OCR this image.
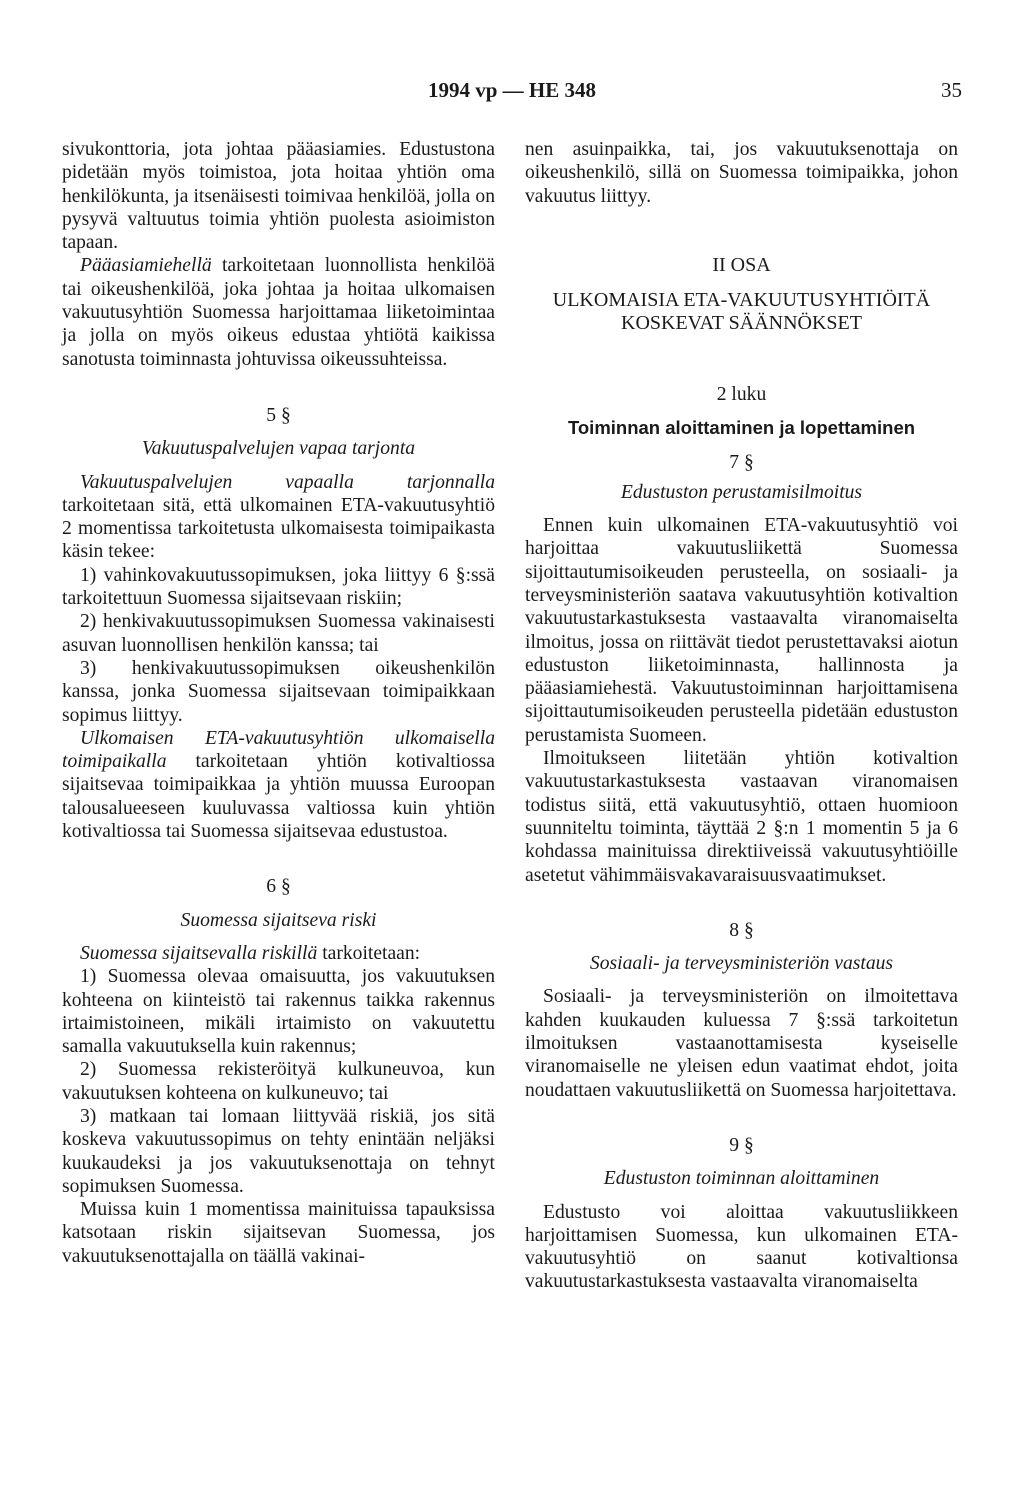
1994 vp — HE 348	35

sivukonttoria, jota johtaa pääasiamies. Edustustona pidetään myös toimistoa, jota hoitaa yhtiön oma henkilökunta, ja itsenäisesti toimivaa henkilöä, jolla on pysyvä valtuutus toimia yhtiön puolesta asioimiston tapaan.

Pääasiamiehellä tarkoitetaan luonnollista henkilöä tai oikeushenkilöä, joka johtaa ja hoitaa ulkomaisen vakuutusyhtiön Suomessa harjoittamaa liiketoimintaa ja jolla on myös oikeus edustaa yhtiötä kaikissa sanotusta toiminnasta johtuvissa oikeussuhteissa.

5 §

Vakuutuspalvelujen vapaa tarjonta

Vakuutuspalvelujen vapaalla tarjonnalla tarkoitetaan sitä, että ulkomainen ETA-vakuutusyhtiö 2 momentissa tarkoitetusta ulkomaisesta toimipaikasta käsin tekee:

1) vahinkovakuutussopimuksen, joka liittyy 6 §:ssä tarkoitettuun Suomessa sijaitsevaan riskiin;

2) henkivakuutussopimuksen Suomessa vakinaisesti asuvan luonnollisen henkilön kanssa; tai

3) henkivakuutussopimuksen oikeushenkilön kanssa, jonka Suomessa sijaitsevaan toimipaikkaan sopimus liittyy.

Ulkomaisen ETA-vakuutusyhtiön ulkomaisella toimipaikalla tarkoitetaan yhtiön kotivaltiossa sijaitsevaa toimipaikkaa ja yhtiön muussa Euroopan talousalueeseen kuuluvassa valtiossa kuin yhtiön kotivaltiossa tai Suomessa sijaitsevaa edustustoa.

6 §

Suomessa sijaitseva riski

Suomessa sijaitsevalla riskillä tarkoitetaan:

1) Suomessa olevaa omaisuutta, jos vakuutuksen kohteena on kiinteistö tai rakennus taikka rakennus irtaimistoineen, mikäli irtaimisto on vakuutettu samalla vakuutuksella kuin rakennus;

2) Suomessa rekisteröityä kulkuneuvoa, kun vakuutuksen kohteena on kulkuneuvo; tai

3) matkaan tai lomaan liittyvää riskiä, jos sitä koskeva vakuutussopimus on tehty enintään neljäksi kuukaudeksi ja jos vakuutuksenottaja on tehnyt sopimuksen Suomessa.

Muissa kuin 1 momentissa mainituissa tapauksissa katsotaan riskin sijaitsevan Suomessa, jos vakuutuksenottajalla on täällä vakinai-

nen asuinpaikka, tai, jos vakuutuksenottaja on oikeushenkilö, sillä on Suomessa toimipaikka, johon vakuutus liittyy.

II OSA

ULKOMAISIA ETA-VAKUUTUSYHTIÖITÄ KOSKEVAT SÄÄNNÖKSET

2 luku

Toiminnan aloittaminen ja lopettaminen

7 §

Edustuston perustamisilmoitus

Ennen kuin ulkomainen ETA-vakuutusyhtiö voi harjoittaa vakuutusliikettä Suomessa sijoittautumisoikeuden perusteella, on sosiaali- ja terveysministeriön saatava vakuutusyhtiön kotivaltion vakuutustarkastuksesta vastaavalta viranomaiselta ilmoitus, jossa on riittävät tiedot perustettavaksi aiotun edustuston liiketoiminnasta, hallinnosta ja pääasiamiehestä. Vakuutustoiminnan harjoittamisena sijoittautumisoikeuden perusteella pidetään edustuston perustamista Suomeen.

Ilmoitukseen liitetään yhtiön kotivaltion vakuutustarkastuksesta vastaavan viranomaisen todistus siitä, että vakuutusyhtiö, ottaen huomioon suunniteltu toiminta, täyttää 2 §:n 1 momentin 5 ja 6 kohdassa mainituissa direktiiveissä vakuutusyhtiöille asetetut vähimmäisvakavaraisuusvaatimukset.

8 §

Sosiaali- ja terveysministeriön vastaus

Sosiaali- ja terveysministeriön on ilmoitettava kahden kuukauden kuluessa 7 §:ssä tarkoitetun ilmoituksen vastaanottamisesta kyseiselle viranomaiselle ne yleisen edun vaatimat ehdot, joita noudattaen vakuutusliikettä on Suomessa harjoitettava.

9 §

Edustuston toiminnan aloittaminen

Edustusto voi aloittaa vakuutusliikkeen harjoittamisen Suomessa, kun ulkomainen ETA-vakuutusyhtiö on saanut kotivaltionsa vakuutustarkastuksesta vastaavalta viranomaiselta
